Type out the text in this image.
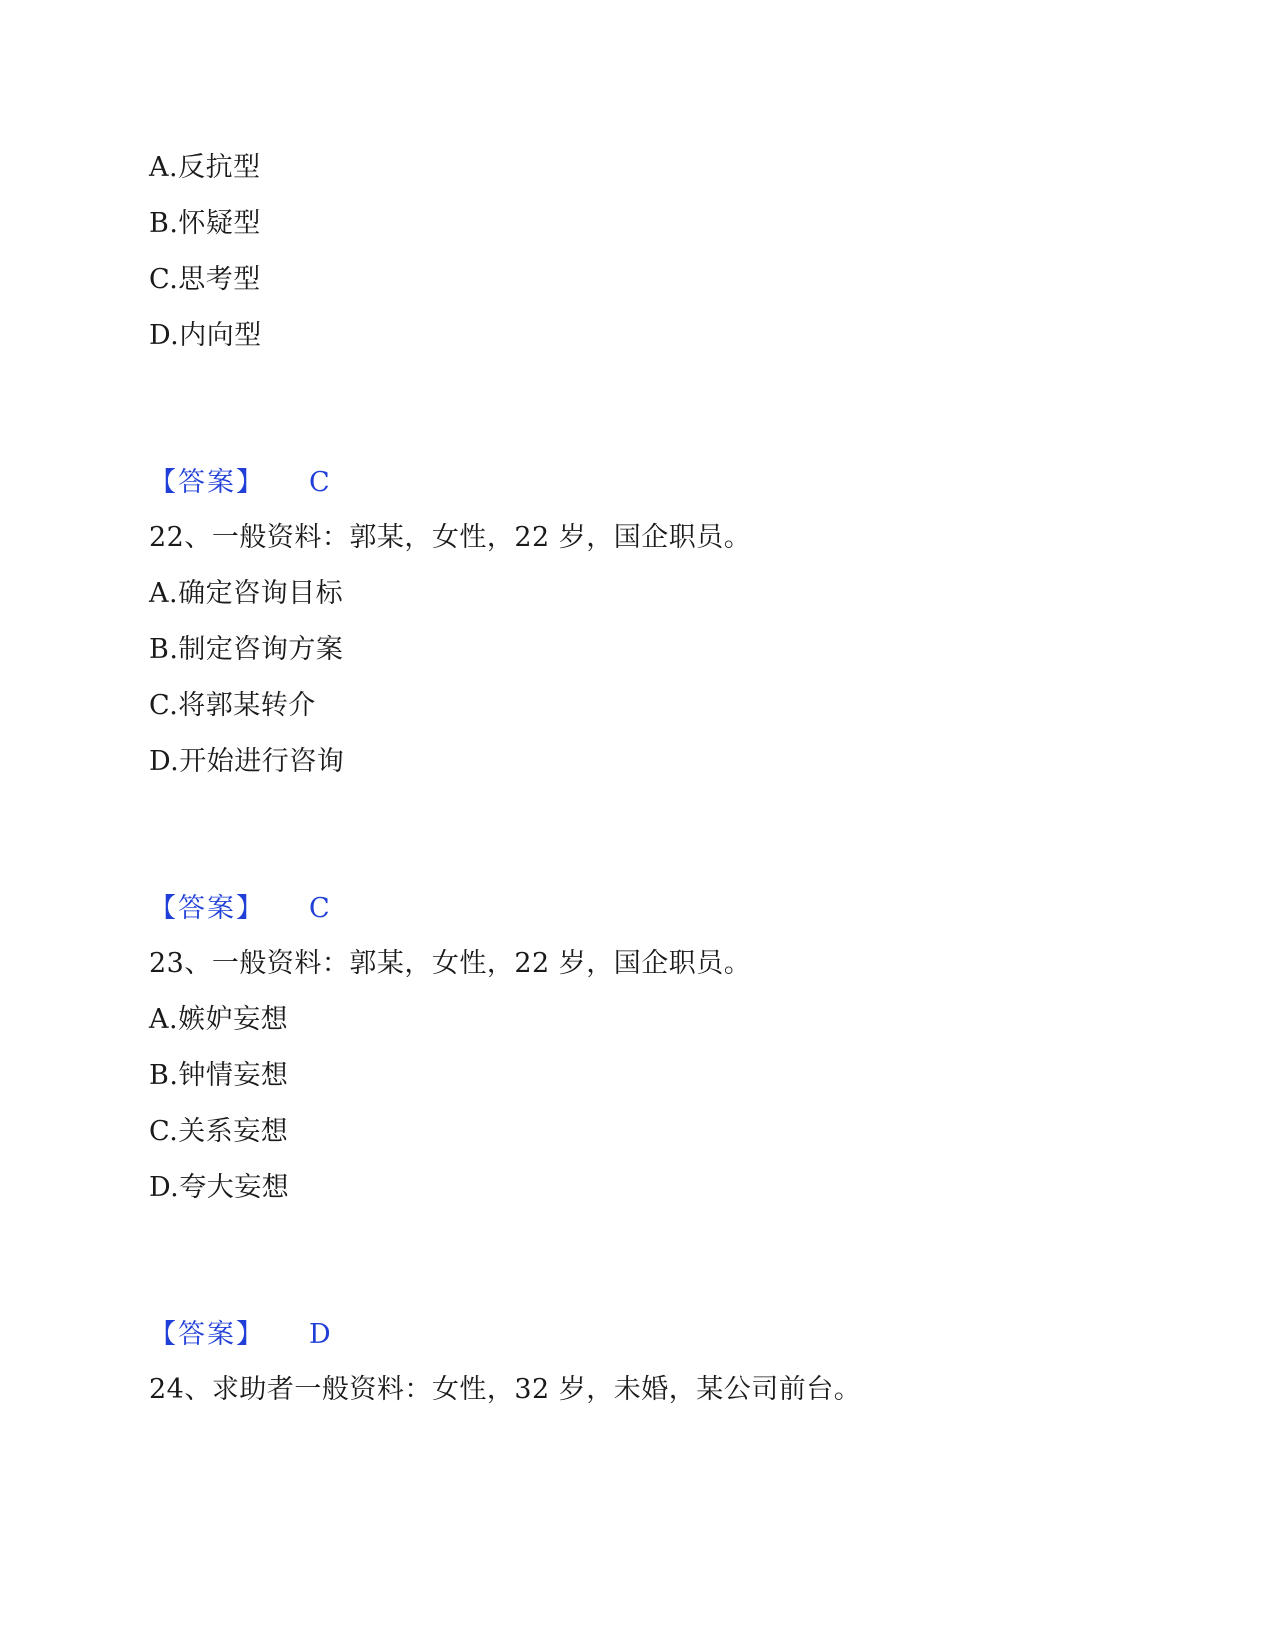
A.反抗型
B.怀疑型
C.思考型
D.内向型
【答案】 C
22、一般资料：郭某，女性，22 岁，国企职员。
A.确定咨询目标
B.制定咨询方案
C.将郭某转介
D.开始进行咨询
【答案】 C
23、一般资料：郭某，女性，22 岁，国企职员。
A.嫉妒妄想
B.钟情妄想
C.关系妄想
D.夸大妄想
【答案】 D
24、求助者一般资料：女性，32 岁，未婚，某公司前台。
